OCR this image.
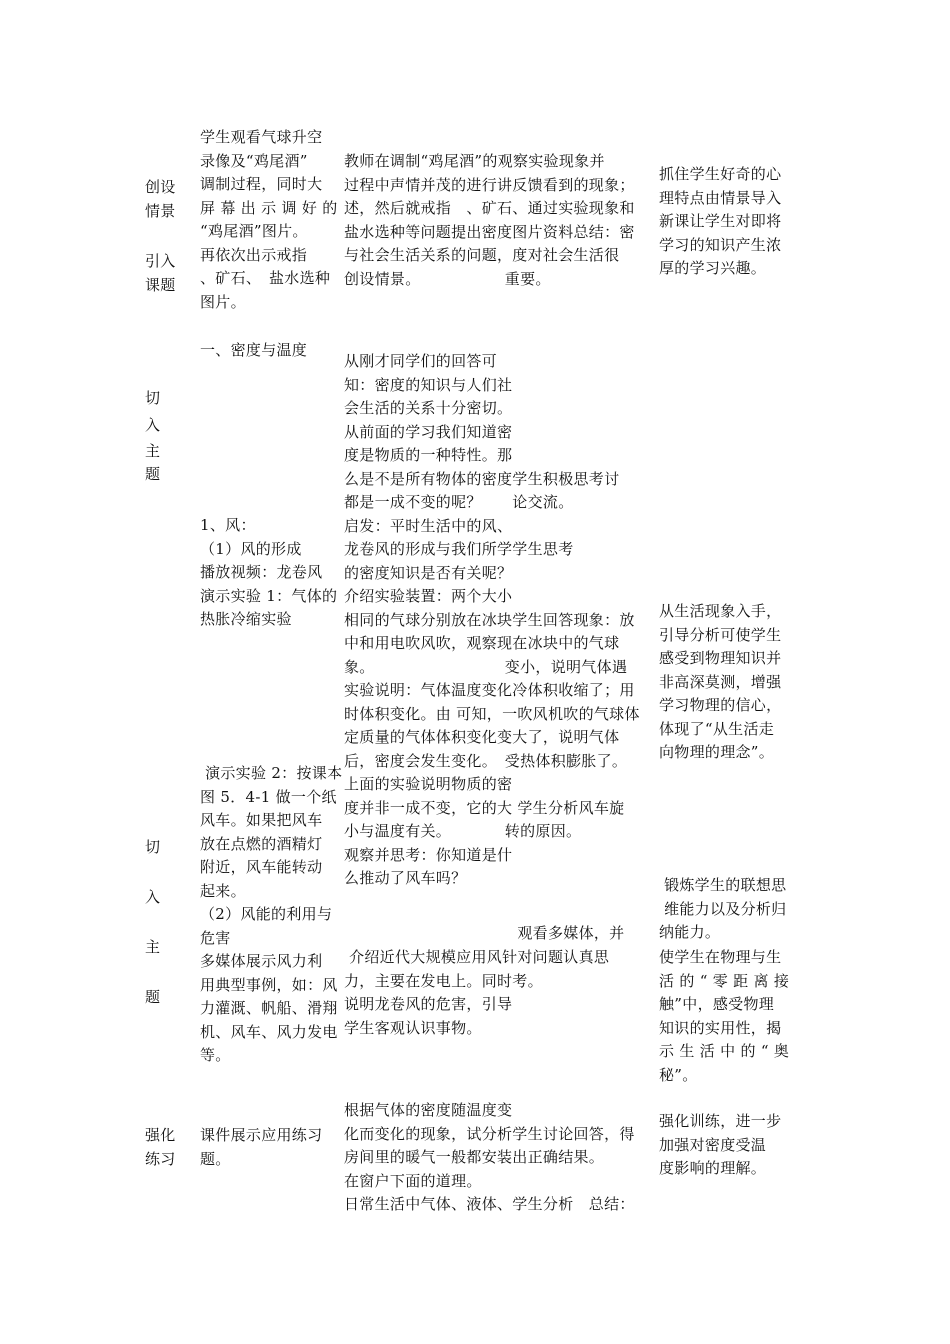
创设
情景
引入
课题
切
入
主
题
切
入
主
题
强化
练习
学生观看气球升空
录像及“鸡尾酒”
调制过程，同时大
屏 幕 出 示 调 好 的
“鸡尾酒”图片。
再依次出示戒指
、矿石、　盐水选种
图片。
一、密度与温度
1、风：
（1）风的形成
播放视频：龙卷风
演示实验 1：气体的
热胀冷缩实验
演示实验 2：按课本
图 5．4-1 做一个纸
风车。如果把风车
放在点燃的酒精灯
附近，风车能转动
起来。
（2）风能的利用与
危害
多媒体展示风力利
用典型事例，如：风
力灌溉、帆船、滑翔
机、风车、风力发电
等。
课件展示应用练习
题。
教师在调制“鸡尾酒”的观察实验现象并
过程中声情并茂的进行讲反馈看到的现象；
述，然后就戒指　、矿石、通过实验现象和
盐水选种等问题提出密度图片资料总结：密
与社会生活关系的问题，度对社会生活很
创设情景。　　　　　　重要。
从刚才同学们的回答可
知：密度的知识与人们社
会生活的关系十分密切。
从前面的学习我们知道密
度是物质的一种特性。那
么是不是所有物体的密度学生积极思考讨
都是一成不变的呢？　　论交流。
启发：平时生活中的风、
龙卷风的形成与我们所学学生思考
的密度知识是否有关呢？
介绍实验装置：两个大小
相同的气球分别放在冰块学生回答现象：放
中和用电吹风吹，观察现在冰块中的气球
象。　　　　　　　　　变小，说明气体遇
实验说明：气体温度变化冷体积收缩了；用
时体积变化。由 可知，一吹风机吹的气球体
定质量的气体体积变化变大了，说明气体
后，密度会发生变化。　受热体积膨胀了。
上面的实验说明物质的密
度并非一成不变，它的大 学生分析风车旋
小与温度有关。　　　　转的原因。
观察并思考：你知道是什
么推动了风车吗？
　　　　　　　　　　　 观看多媒体，并
介绍近代大规模应用风针对问题认真思
力，主要在发电上。同时考。
说明龙卷风的危害，引导
学生客观认识事物。
根据气体的密度随温度变
化而变化的现象，试分析学生讨论回答，得
房间里的暖气一般都安装出正确结果。
在窗户下面的道理。
日常生活中气体、液体、学生分析　总结：
抓住学生好奇的心
理特点由情景导入
新课让学生对即将
学习的知识产生浓
厚的学习兴趣。
从生活现象入手，
引导分析可使学生
感受到物理知识并
非高深莫测，增强
学习物理的信心，
体现了“从生活走
向物理的理念”。
锻炼学生的联想思
维能力以及分析归
纳能力。
使学生在物理与生
活 的 “ 零 距 离 接
触”中，感受物理
知识的实用性，揭
示 生 活 中 的 “ 奥
秘”。
强化训练，进一步
加强对密度受温
度影响的理解。
